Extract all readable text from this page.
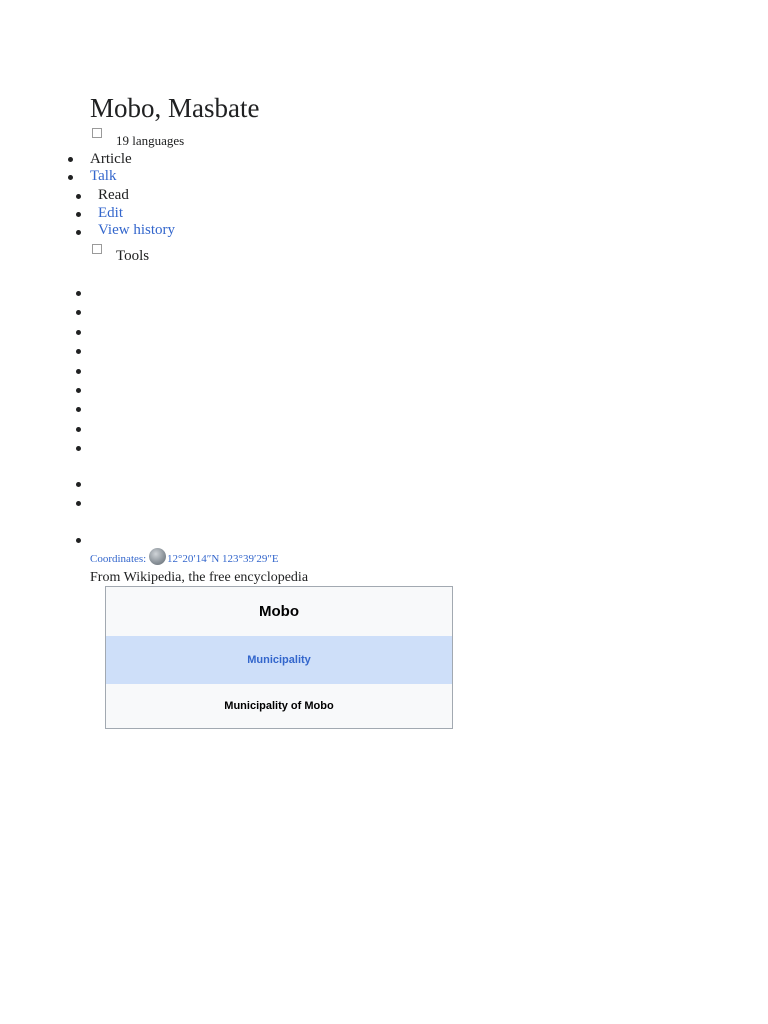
Mobo, Masbate
19 languages
Article
Talk
Read
Edit
View history
Tools
Coordinates: 12°20′14″N 123°39′29″E
From Wikipedia, the free encyclopedia
Mobo
Municipality
Municipality of Mobo
